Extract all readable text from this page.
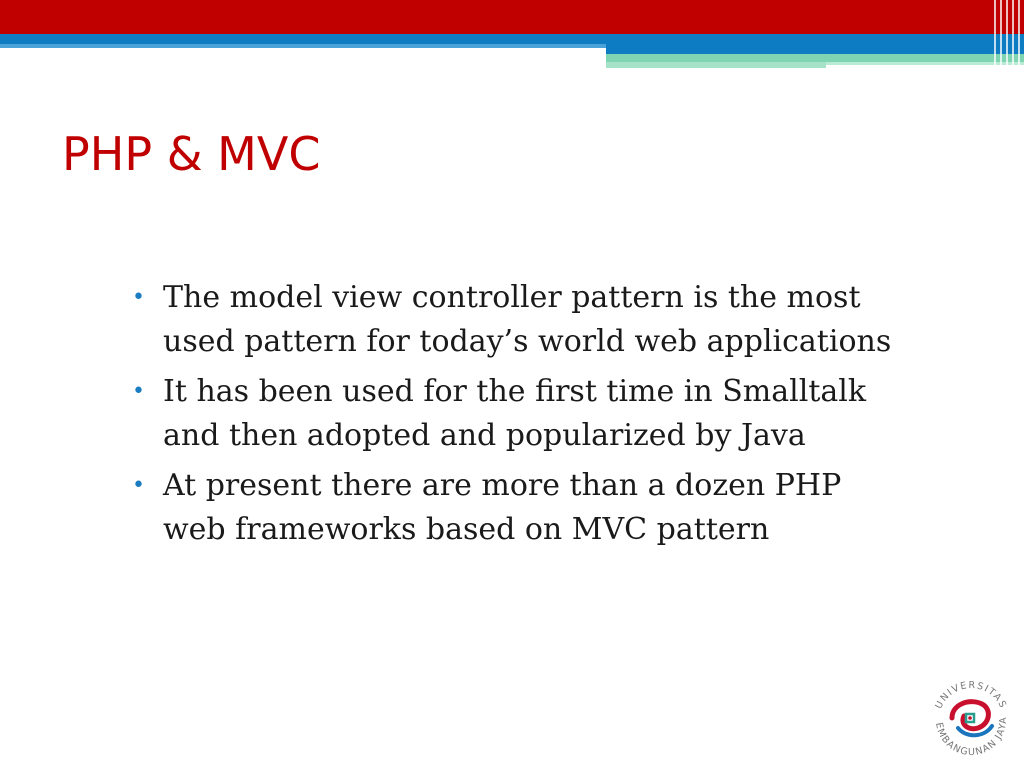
PHP & MVC
• The model view controller pattern is the most used pattern for today’s world web applications
• It has been used for the first time in Smalltalk and then adopted and popularized by Java
• At present there are more than a dozen PHP web frameworks based on MVC pattern
UNIVERSITAS
EMBANGUNAN JAYA
